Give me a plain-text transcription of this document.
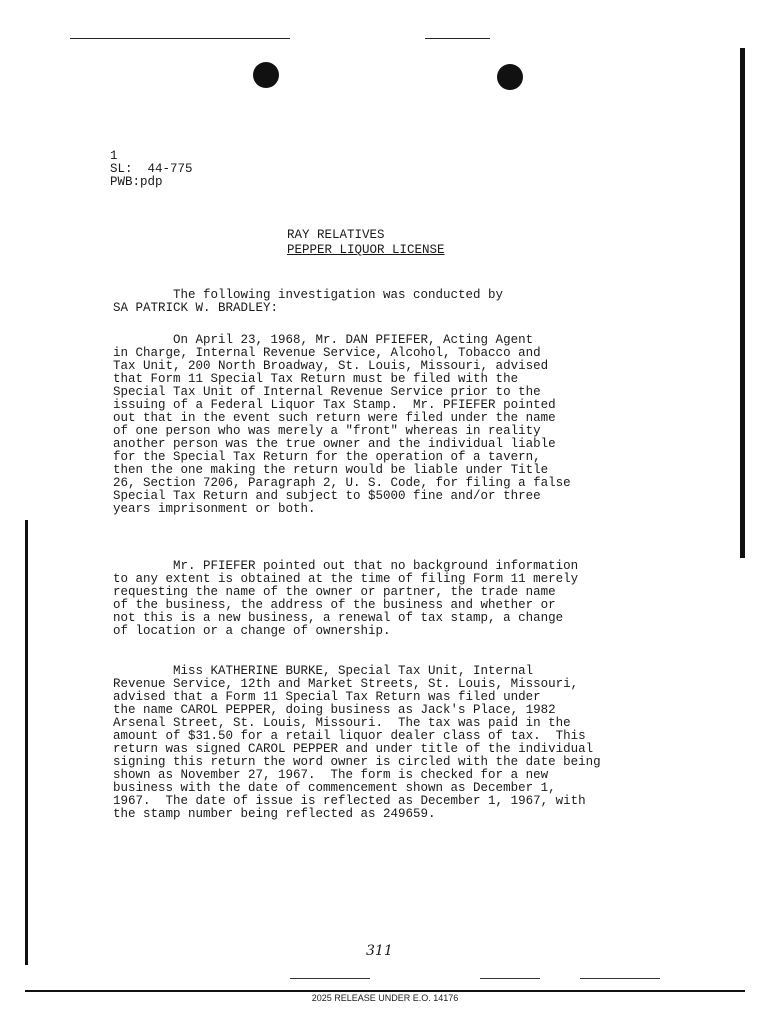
1
SL:  44-775
PWB:pdp
RAY RELATIVES
PEPPER LIQUOR LICENSE
The following investigation was conducted by
SA PATRICK W. BRADLEY:
On April 23, 1968, Mr. DAN PFIEFER, Acting Agent
in Charge, Internal Revenue Service, Alcohol, Tobacco and
Tax Unit, 200 North Broadway, St. Louis, Missouri, advised
that Form 11 Special Tax Return must be filed with the
Special Tax Unit of Internal Revenue Service prior to the
issuing of a Federal Liquor Tax Stamp.  Mr. PFIEFER pointed
out that in the event such return were filed under the name
of one person who was merely a "front" whereas in reality
another person was the true owner and the individual liable
for the Special Tax Return for the operation of a tavern,
then the one making the return would be liable under Title
26, Section 7206, Paragraph 2, U. S. Code, for filing a false
Special Tax Return and subject to $5000 fine and/or three
years imprisonment or both.
Mr. PFIEFER pointed out that no background information
to any extent is obtained at the time of filing Form 11 merely
requesting the name of the owner or partner, the trade name
of the business, the address of the business and whether or
not this is a new business, a renewal of tax stamp, a change
of location or a change of ownership.
Miss KATHERINE BURKE, Special Tax Unit, Internal
Revenue Service, 12th and Market Streets, St. Louis, Missouri,
advised that a Form 11 Special Tax Return was filed under
the name CAROL PEPPER, doing business as Jack's Place, 1982
Arsenal Street, St. Louis, Missouri.  The tax was paid in the
amount of $31.50 for a retail liquor dealer class of tax.  This
return was signed CAROL PEPPER and under title of the individual
signing this return the word owner is circled with the date being
shown as November 27, 1967.  The form is checked for a new
business with the date of commencement shown as December 1,
1967.  The date of issue is reflected as December 1, 1967, with
the stamp number being reflected as 249659.
311
2025 RELEASE UNDER E.O. 14176
